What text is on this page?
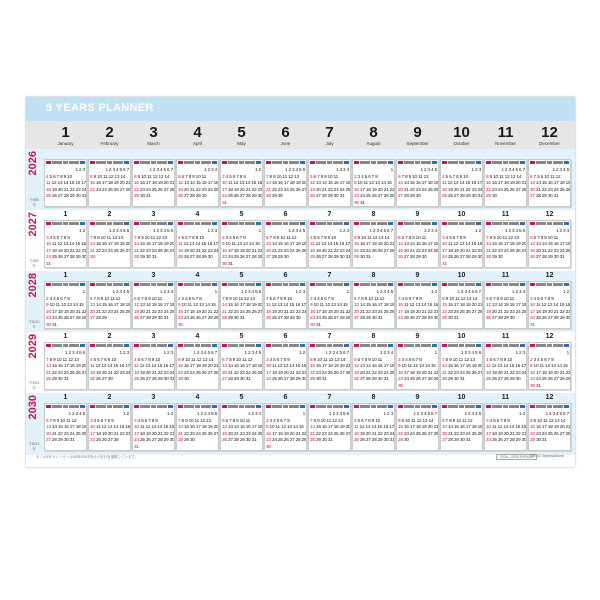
5 YEARS PLANNER
1
January
2
February
3
March
4
April
5
May
6
June
7
July
8
August
9
September
10
October
11
November
12
December
2026
令和8年
1 2 3
4 5 6 7 8 9 10
11 12 13 14 15 16 17
18 19 20 21 22 23 24
25 26 27 28 29 30 31
1 2 3 4 5 6 7
8 9 10 11 12 13 14
15 16 17 18 19 20 21
22 23 24 25 26 27 28
1 2 3 4 5 6 7
8 9 10 11 12 13 14
15 16 17 18 19 20 21
22 23 24 25 26 27 28
29 30 31
1 2 3 4
5 6 7 8 9 10 11
12 13 14 15 16 17 18
19 20 21 22 23 24 25
26 27 28 29 30
1 2
3 4 5 6 7 8 9
10 11 12 13 14 15 16
17 18 19 20 21 22 23
24 25 26 27 28 29 30
31
1 2 3 4 5 6
7 8 9 10 11 12 13
14 15 16 17 18 19 20
21 22 23 24 25 26 27
28 29 30
1 2 3 4
5 6 7 8 9 10 11
12 13 14 15 16 17 18
19 20 21 22 23 24 25
26 27 28 29 30 31
1
2 3 4 5 6 7 8
9 10 11 12 13 14 15
16 17 18 19 20 21 22
23 24 25 26 27 28 29
30 31
1 2 3 4 5
6 7 8 9 10 11 12
13 14 15 16 17 18 19
20 21 22 23 24 25 26
27 28 29 30
1 2 3
4 5 6 7 8 9 10
11 12 13 14 15 16 17
18 19 20 21 22 23 24
25 26 27 28 29 30 31
1 2 3 4 5 6 7
8 9 10 11 12 13 14
15 16 17 18 19 20 21
22 23 24 25 26 27 28
29 30
1 2 3 4 5
6 7 8 9 10 11 12
13 14 15 16 17 18 19
20 21 22 23 24 25 26
27 28 29 30 31
2027
令和9年
1
1 2
3 4 5 6 7 8 9
10 11 12 13 14 15 16
17 18 19 20 21 22 23
24 25 26 27 28 29 30
31
2
1 2 3 4 5 6
7 8 9 10 11 12 13
14 15 16 17 18 19 20
21 22 23 24 25 26 27
28
3
1 2 3 4 5 6
7 8 9 10 11 12 13
14 15 16 17 18 19 20
21 22 23 24 25 26 27
28 29 30 31
4
1 2 3
4 5 6 7 8 9 10
11 12 13 14 15 16 17
18 19 20 21 22 23 24
25 26 27 28 29 30
5
1
2 3 4 5 6 7 8
9 10 11 12 13 14 15
16 17 18 19 20 21 22
23 24 25 26 27 28 29
30 31
6
1 2 3 4 5
6 7 8 9 10 11 12
13 14 15 16 17 18 19
20 21 22 23 24 25 26
27 28 29 30
7
1 2 3
4 5 6 7 8 9 10
11 12 13 14 15 16 17
18 19 20 21 22 23 24
25 26 27 28 29 30 31
8
1 2 3 4 5 6 7
8 9 10 11 12 13 14
15 16 17 18 19 20 21
22 23 24 25 26 27 28
29 30 31
9
1 2 3 4
5 6 7 8 9 10 11
12 13 14 15 16 17 18
19 20 21 22 23 24 25
26 27 28 29 30
10
1 2
3 4 5 6 7 8 9
10 11 12 13 14 15 16
17 18 19 20 21 22 23
24 25 26 27 28 29 30
31
11
1 2 3 4 5 6
7 8 9 10 11 12 13
14 15 16 17 18 19 20
21 22 23 24 25 26 27
28 29 30
12
1 2 3 4
5 6 7 8 9 10 11
12 13 14 15 16 17 18
19 20 21 22 23 24 25
26 27 28 29 30 31
2028
令和10年
1
1
2 3 4 5 6 7 8
9 10 11 12 13 14 15
16 17 18 19 20 21 22
23 24 25 26 27 28 29
30 31
2
1 2 3 4 5
6 7 8 9 10 11 12
13 14 15 16 17 18 19
20 21 22 23 24 25 26
27 28 29
3
1 2 3 4
5 6 7 8 9 10 11
12 13 14 15 16 17 18
19 20 21 22 23 24 25
26 27 28 29 30 31
4
1
2 3 4 5 6 7 8
9 10 11 12 13 14 15
16 17 18 19 20 21 22
23 24 25 26 27 28 29
30
5
1 2 3 4 5 6
7 8 9 10 11 12 13
14 15 16 17 18 19 20
21 22 23 24 25 26 27
28 29 30 31
6
1 2 3
4 5 6 7 8 9 10
11 12 13 14 15 16 17
18 19 20 21 22 23 24
25 26 27 28 29 30
7
1
2 3 4 5 6 7 8
9 10 11 12 13 14 15
16 17 18 19 20 21 22
23 24 25 26 27 28 29
30 31
8
1 2 3 4 5
6 7 8 9 10 11 12
13 14 15 16 17 18 19
20 21 22 23 24 25 26
27 28 29 30 31
9
1 2
3 4 5 6 7 8 9
10 11 12 13 14 15 16
17 18 19 20 21 22 23
24 25 26 27 28 29 30
10
1 2 3 4 5 6 7
8 9 10 11 12 13 14
15 16 17 18 19 20 21
22 23 24 25 26 27 28
29 30 31
11
1 2 3 4
5 6 7 8 9 10 11
12 13 14 15 16 17 18
19 20 21 22 23 24 25
26 27 28 29 30
12
1 2
3 4 5 6 7 8 9
10 11 12 13 14 15 16
17 18 19 20 21 22 23
24 25 26 27 28 29 30
31
2029
令和11年
1
1 2 3 4 5 6
7 8 9 10 11 12 13
14 15 16 17 18 19 20
21 22 23 24 25 26 27
28 29 30 31
2
1 2 3
4 5 6 7 8 9 10
11 12 13 14 15 16 17
18 19 20 21 22 23 24
25 26 27 28
3
1 2 3
4 5 6 7 8 9 10
11 12 13 14 15 16 17
18 19 20 21 22 23 24
25 26 27 28 29 30 31
4
1 2 3 4 5 6 7
8 9 10 11 12 13 14
15 16 17 18 19 20 21
22 23 24 25 26 27 28
29 30
5
1 2 3 4 5
6 7 8 9 10 11 12
13 14 15 16 17 18 19
20 21 22 23 24 25 26
27 28 29 30 31
6
1 2
3 4 5 6 7 8 9
10 11 12 13 14 15 16
17 18 19 20 21 22 23
24 25 26 27 28 29 30
7
1 2 3 4 5 6 7
8 9 10 11 12 13 14
15 16 17 18 19 20 21
22 23 24 25 26 27 28
29 30 31
8
1 2 3 4
5 6 7 8 9 10 11
12 13 14 15 16 17 18
19 20 21 22 23 24 25
26 27 28 29 30 31
9
1
2 3 4 5 6 7 8
9 10 11 12 13 14 15
16 17 18 19 20 21 22
23 24 25 26 27 28 29
30
10
1 2 3 4 5 6
7 8 9 10 11 12 13
14 15 16 17 18 19 20
21 22 23 24 25 26 27
28 29 30 31
11
1 2 3
4 5 6 7 8 9 10
11 12 13 14 15 16 17
18 19 20 21 22 23 24
25 26 27 28 29 30
12
1
2 3 4 5 6 7 8
9 10 11 12 13 14 15
16 17 18 19 20 21 22
23 24 25 26 27 28 29
30 31
2030
令和12年
1
1 2 3 4 5
6 7 8 9 10 11 12
13 14 15 16 17 18 19
20 21 22 23 24 25 26
27 28 29 30 31
2
1 2
3 4 5 6 7 8 9
10 11 12 13 14 15 16
17 18 19 20 21 22 23
24 25 26 27 28
3
1 2
3 4 5 6 7 8 9
10 11 12 13 14 15 16
17 18 19 20 21 22 23
24 25 26 27 28 29 30
31
4
1 2 3 4 5 6
7 8 9 10 11 12 13
14 15 16 17 18 19 20
21 22 23 24 25 26 27
28 29 30
5
1 2 3 4
5 6 7 8 9 10 11
12 13 14 15 16 17 18
19 20 21 22 23 24 25
26 27 28 29 30 31
6
1
2 3 4 5 6 7 8
9 10 11 12 13 14 15
16 17 18 19 20 21 22
23 24 25 26 27 28 29
30
7
1 2 3 4 5 6
7 8 9 10 11 12 13
14 15 16 17 18 19 20
21 22 23 24 25 26 27
28 29 30 31
8
1 2 3
4 5 6 7 8 9 10
11 12 13 14 15 16 17
18 19 20 21 22 23 24
25 26 27 28 29 30 31
9
1 2 3 4 5 6 7
8 9 10 11 12 13 14
15 16 17 18 19 20 21
22 23 24 25 26 27 28
29 30
10
1 2 3 4 5
6 7 8 9 10 11 12
13 14 15 16 17 18 19
20 21 22 23 24 25 26
27 28 29 30 31
11
1 2
3 4 5 6 7 8 9
10 11 12 13 14 15 16
17 18 19 20 21 22 23
24 25 26 27 28 29 30
12
1 2 3 4 5 6 7
8 9 10 11 12 13 14
15 16 17 18 19 20 21
22 23 24 25 26 27 28
29 30 31
※この5年カレンダーは2025年8月時点の祝日を掲載しています。	2026 - 2030 5YEARS
DS-4C 5yearsplanner
